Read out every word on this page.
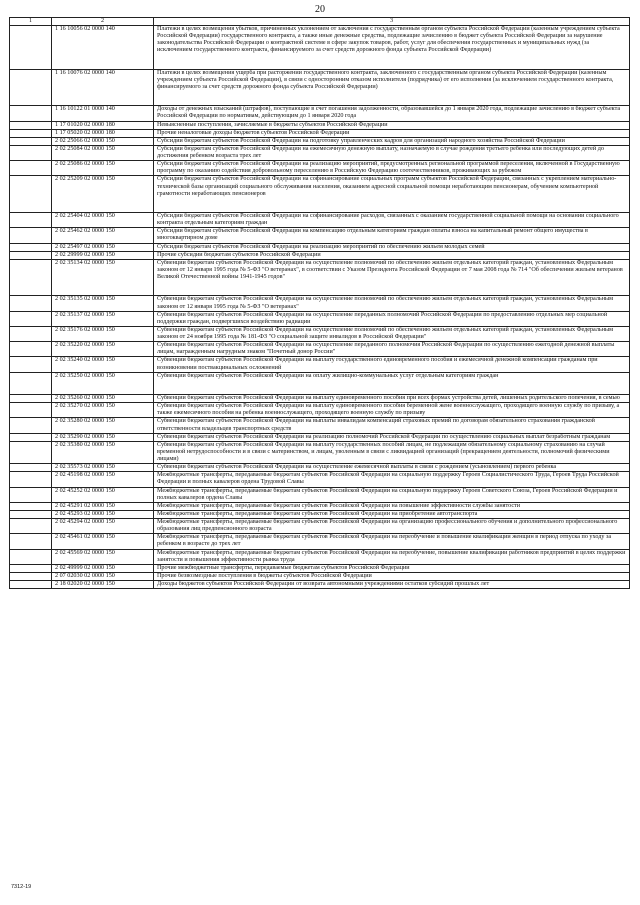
20
1	2	3
	1 16 10056 02 0000 140	Платежи в целях возмещения убытков, причиненных уклонением от заключения с государственным органом субъекта Российской Федерации (казенным учреждением субъекта Российской Федерации) государственного контракта, а также иные денежные средства, подлежащие зачислению в бюджет субъекта Российской Федерации за нарушение законодательства Российской Федерации о контрактной системе в сфере закупок товаров, работ, услуг для обеспечения государственных и муниципальных нужд (за исключением государственного контракта, финансируемого за счет средств дорожного фонда субъекта Российской Федерации)
	1 16 10076 02 0000 140	Платежи в целях возмещения ущерба при расторжении государственного контракта, заключенного с государственным органом субъекта Российской Федерации (казенным учреждением субъекта Российской Федерации), в связи с односторонним отказом исполнителя (подрядчика) от его исполнения (за исключением государственного контракта, финансируемого за счет средств дорожного фонда субъекта Российской Федерации)
	1 16 10122 01 0000 140	Доходы от денежных взысканий (штрафов), поступающие в счет погашения задолженности, образовавшейся до 1 января 2020 года, подлежащие зачислению в бюджет субъекта Российской Федерации по нормативам, действующим до 1 января 2020 года
	1 17 01020 02 0000 180	Невыясненные поступления, зачисляемые в бюджеты субъектов Российской Федерации
	1 17 05020 02 0000 180	Прочие неналоговые доходы бюджетов субъектов Российской Федерации
	2 02 25066 02 0000 150	Субсидии бюджетам субъектов Российской Федерации на подготовку управленческих кадров для организаций народного хозяйства Российской Федерации
	2 02 25084 02 0000 150	Субсидии бюджетам субъектов Российской Федерации на ежемесячную денежную выплату, назначаемую в случае рождения третьего ребенка или последующих детей до достижения ребенком возраста трех лет
	2 02 25086 02 0000 150	Субсидии бюджетам субъектов Российской Федерации на реализацию мероприятий, предусмотренных региональной программой переселения, включенной в Государственную программу по оказанию содействия добровольному переселению в Российскую Федерацию соотечественников, проживающих за рубежом
	2 02 25209 02 0000 150	Субсидии бюджетам субъектов Российской Федерации на софинансирование социальных программ субъектов Российской Федерации, связанных с укреплением материально-технической базы организаций социального обслуживания населения, оказанием адресной социальной помощи неработающим пенсионерам, обучением компьютерной грамотности неработающих пенсионеров
	2 02 25404 02 0000 150	Субсидии бюджетам субъектов Российской Федерации на софинансирование расходов, связанных с оказанием государственной социальной помощи на основании социального контракта отдельным категориям граждан
	2 02 25462 02 0000 150	Субсидии бюджетам субъектов Российской Федерации на компенсацию отдельным категориям граждан оплаты взноса на капитальный ремонт общего имущества в многоквартирном доме
	2 02 25497 02 0000 150	Субсидии бюджетам субъектов Российской Федерации на реализацию мероприятий по обеспечению жильем молодых семей
	2 02 29999 02 0000 150	Прочие субсидии бюджетам субъектов Российской Федерации
	2 02 35134 02 0000 150	Субвенции бюджетам субъектов Российской Федерации на осуществление полномочий по обеспечению жильем отдельных категорий граждан, установленных Федеральным законом от 12 января 1995 года № 5-ФЗ "О ветеранах", в соответствии с Указом Президента Российской Федерации от 7 мая 2008 года № 714 "Об обеспечении жильем ветеранов Великой Отечественной войны 1941-1945 годов"
	2 02 35135 02 0000 150	Субвенции бюджетам субъектов Российской Федерации на осуществление полномочий по обеспечению жильем отдельных категорий граждан, установленных Федеральным законом от 12 января 1995 года № 5-ФЗ "О ветеранах"
	2 02 35137 02 0000 150	Субвенции бюджетам субъектов Российской Федерации на осуществление переданных полномочий Российской Федерации по предоставлению отдельных мер социальной поддержки граждан, подвергшихся воздействию радиации
	2 02 35176 02 0000 150	Субвенции бюджетам субъектов Российской Федерации на осуществление полномочий по обеспечению жильем отдельных категорий граждан, установленных Федеральным законом от 24 ноября 1995 года № 181-ФЗ "О социальной защите инвалидов в Российской Федерации"
	2 02 35220 02 0000 150	Субвенции бюджетам субъектов Российской Федерации на осуществление переданного полномочия Российской Федерации по осуществлению ежегодной денежной выплаты лицам, награжденным нагрудным знаком "Почетный донор России"
	2 02 35240 02 0000 150	Субвенции бюджетам субъектов Российской Федерации на выплату государственного единовременного пособия и ежемесячной денежной компенсации гражданам при возникновении поствакцинальных осложнений
	2 02 35250 02 0000 150	Субвенции бюджетам субъектов Российской Федерации на оплату жилищно-коммунальных услуг отдельным категориям граждан
	2 02 35260 02 0000 150	Субвенции бюджетам субъектов Российской Федерации на выплату единовременного пособия при всех формах устройства детей, лишенных родительского попечения, в семью
	2 02 35270 02 0000 150	Субвенции бюджетам субъектов Российской Федерации на выплату единовременного пособия беременной жене военнослужащего, проходящего военную службу по призыву, а также ежемесячного пособия на ребенка военнослужащего, проходящего военную службу по призыву
	2 02 35280 02 0000 150	Субвенции бюджетам субъектов Российской Федерации на выплаты инвалидам компенсаций страховых премий по договорам обязательного страхования гражданской ответственности владельцев транспортных средств
	2 02 35290 02 0000 150	Субвенции бюджетам субъектов Российской Федерации на реализацию полномочий Российской Федерации по осуществлению социальных выплат безработным гражданам
	2 02 35380 02 0000 150	Субвенции бюджетам субъектов Российской Федерации на выплату государственных пособий лицам, не подлежащим обязательному социальному страхованию на случай временной нетрудоспособности и в связи с материнством, и лицам, уволенным в связи с ликвидацией организаций (прекращением деятельности, полномочий физическими лицами)
	2 02 35573 02 0000 150	Субвенции бюджетам субъектов Российской Федерации на осуществление ежемесячной выплаты в связи с рождением (усыновлением) первого ребенка
	2 02 45198 02 0000 150	Межбюджетные трансферты, передаваемые бюджетам субъектов Российской Федерации на социальную поддержку Героев Социалистического Труда, Героев Труда Российской Федерации и полных кавалеров ордена Трудовой Славы
	2 02 45252 02 0000 150	Межбюджетные трансферты, передаваемые бюджетам субъектов Российской Федерации на социальную поддержку Героев Советского Союза, Героев Российской Федерации и полных кавалеров ордена Славы
	2 02 45291 02 0000 150	Межбюджетные трансферты, передаваемые бюджетам субъектов Российской Федерации на повышение эффективности службы занятости
	2 02 45293 02 0000 150	Межбюджетные трансферты, передаваемые бюджетам субъектов Российской Федерации на приобретение автотранспорта
	2 02 45294 02 0000 150	Межбюджетные трансферты, передаваемые бюджетам субъектов Российской Федерации на организацию профессионального обучения и дополнительного профессионального образования лиц предпенсионного возраста
	2 02 45461 02 0000 150	Межбюджетные трансферты, передаваемые бюджетам субъектов Российской Федерации на переобучение и повышение квалификации женщин в период отпуска по уходу за ребенком в возрасте до трех лет
	2 02 45569 02 0000 150	Межбюджетные трансферты, передаваемые бюджетам субъектов Российской Федерации на переобучение, повышение квалификации работников предприятий в целях поддержки занятости и повышения эффективности рынка труда
	2 02 49999 02 0000 150	Прочие межбюджетные трансферты, передаваемые бюджетам субъектов Российской Федерации
	2 07 02030 02 0000 150	Прочие безвозмездные поступления в бюджеты субъектов Российской Федерации
	2 18 02020 02 0000 150	Доходы бюджетов субъектов Российской Федерации от возврата автономными учреждениями остатков субсидий прошлых лет
7312-19
